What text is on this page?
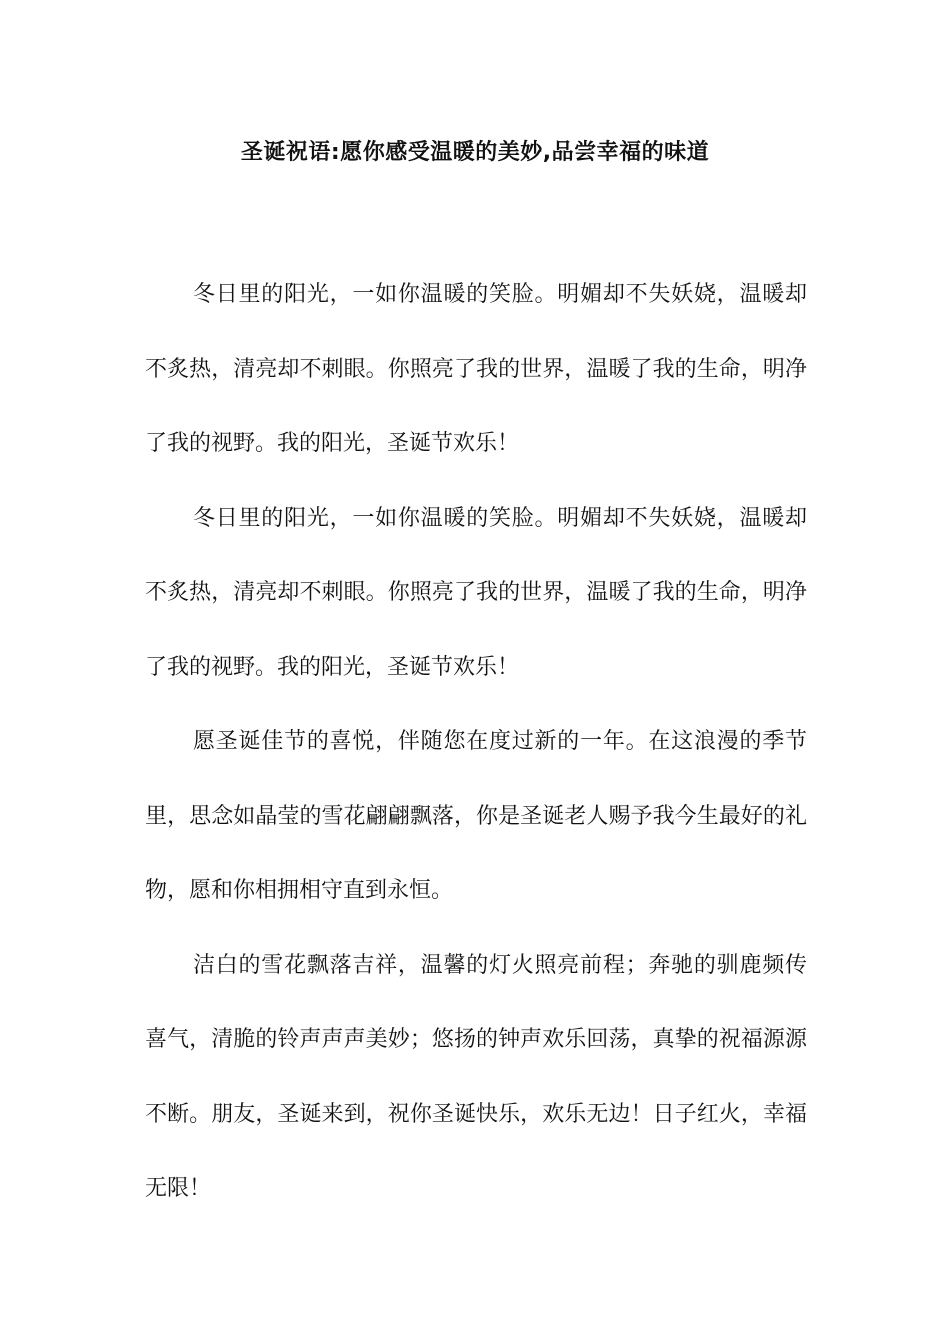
圣诞祝语:愿你感受温暖的美妙,品尝幸福的味道

冬日里的阳光，一如你温暖的笑脸。明媚却不失妖娆，温暖却不炙热，清亮却不刺眼。你照亮了我的世界，温暖了我的生命，明净了我的视野。我的阳光，圣诞节欢乐！

冬日里的阳光，一如你温暖的笑脸。明媚却不失妖娆，温暖却不炙热，清亮却不刺眼。你照亮了我的世界，温暖了我的生命，明净了我的视野。我的阳光，圣诞节欢乐！

愿圣诞佳节的喜悦，伴随您在度过新的一年。在这浪漫的季节里，思念如晶莹的雪花翩翩飘落，你是圣诞老人赐予我今生最好的礼物，愿和你相拥相守直到永恒。

洁白的雪花飘落吉祥，温馨的灯火照亮前程；奔驰的驯鹿频传喜气，清脆的铃声声声美妙；悠扬的钟声欢乐回荡，真挚的祝福源源不断。朋友，圣诞来到，祝你圣诞快乐，欢乐无边！日子红火，幸福无限！
